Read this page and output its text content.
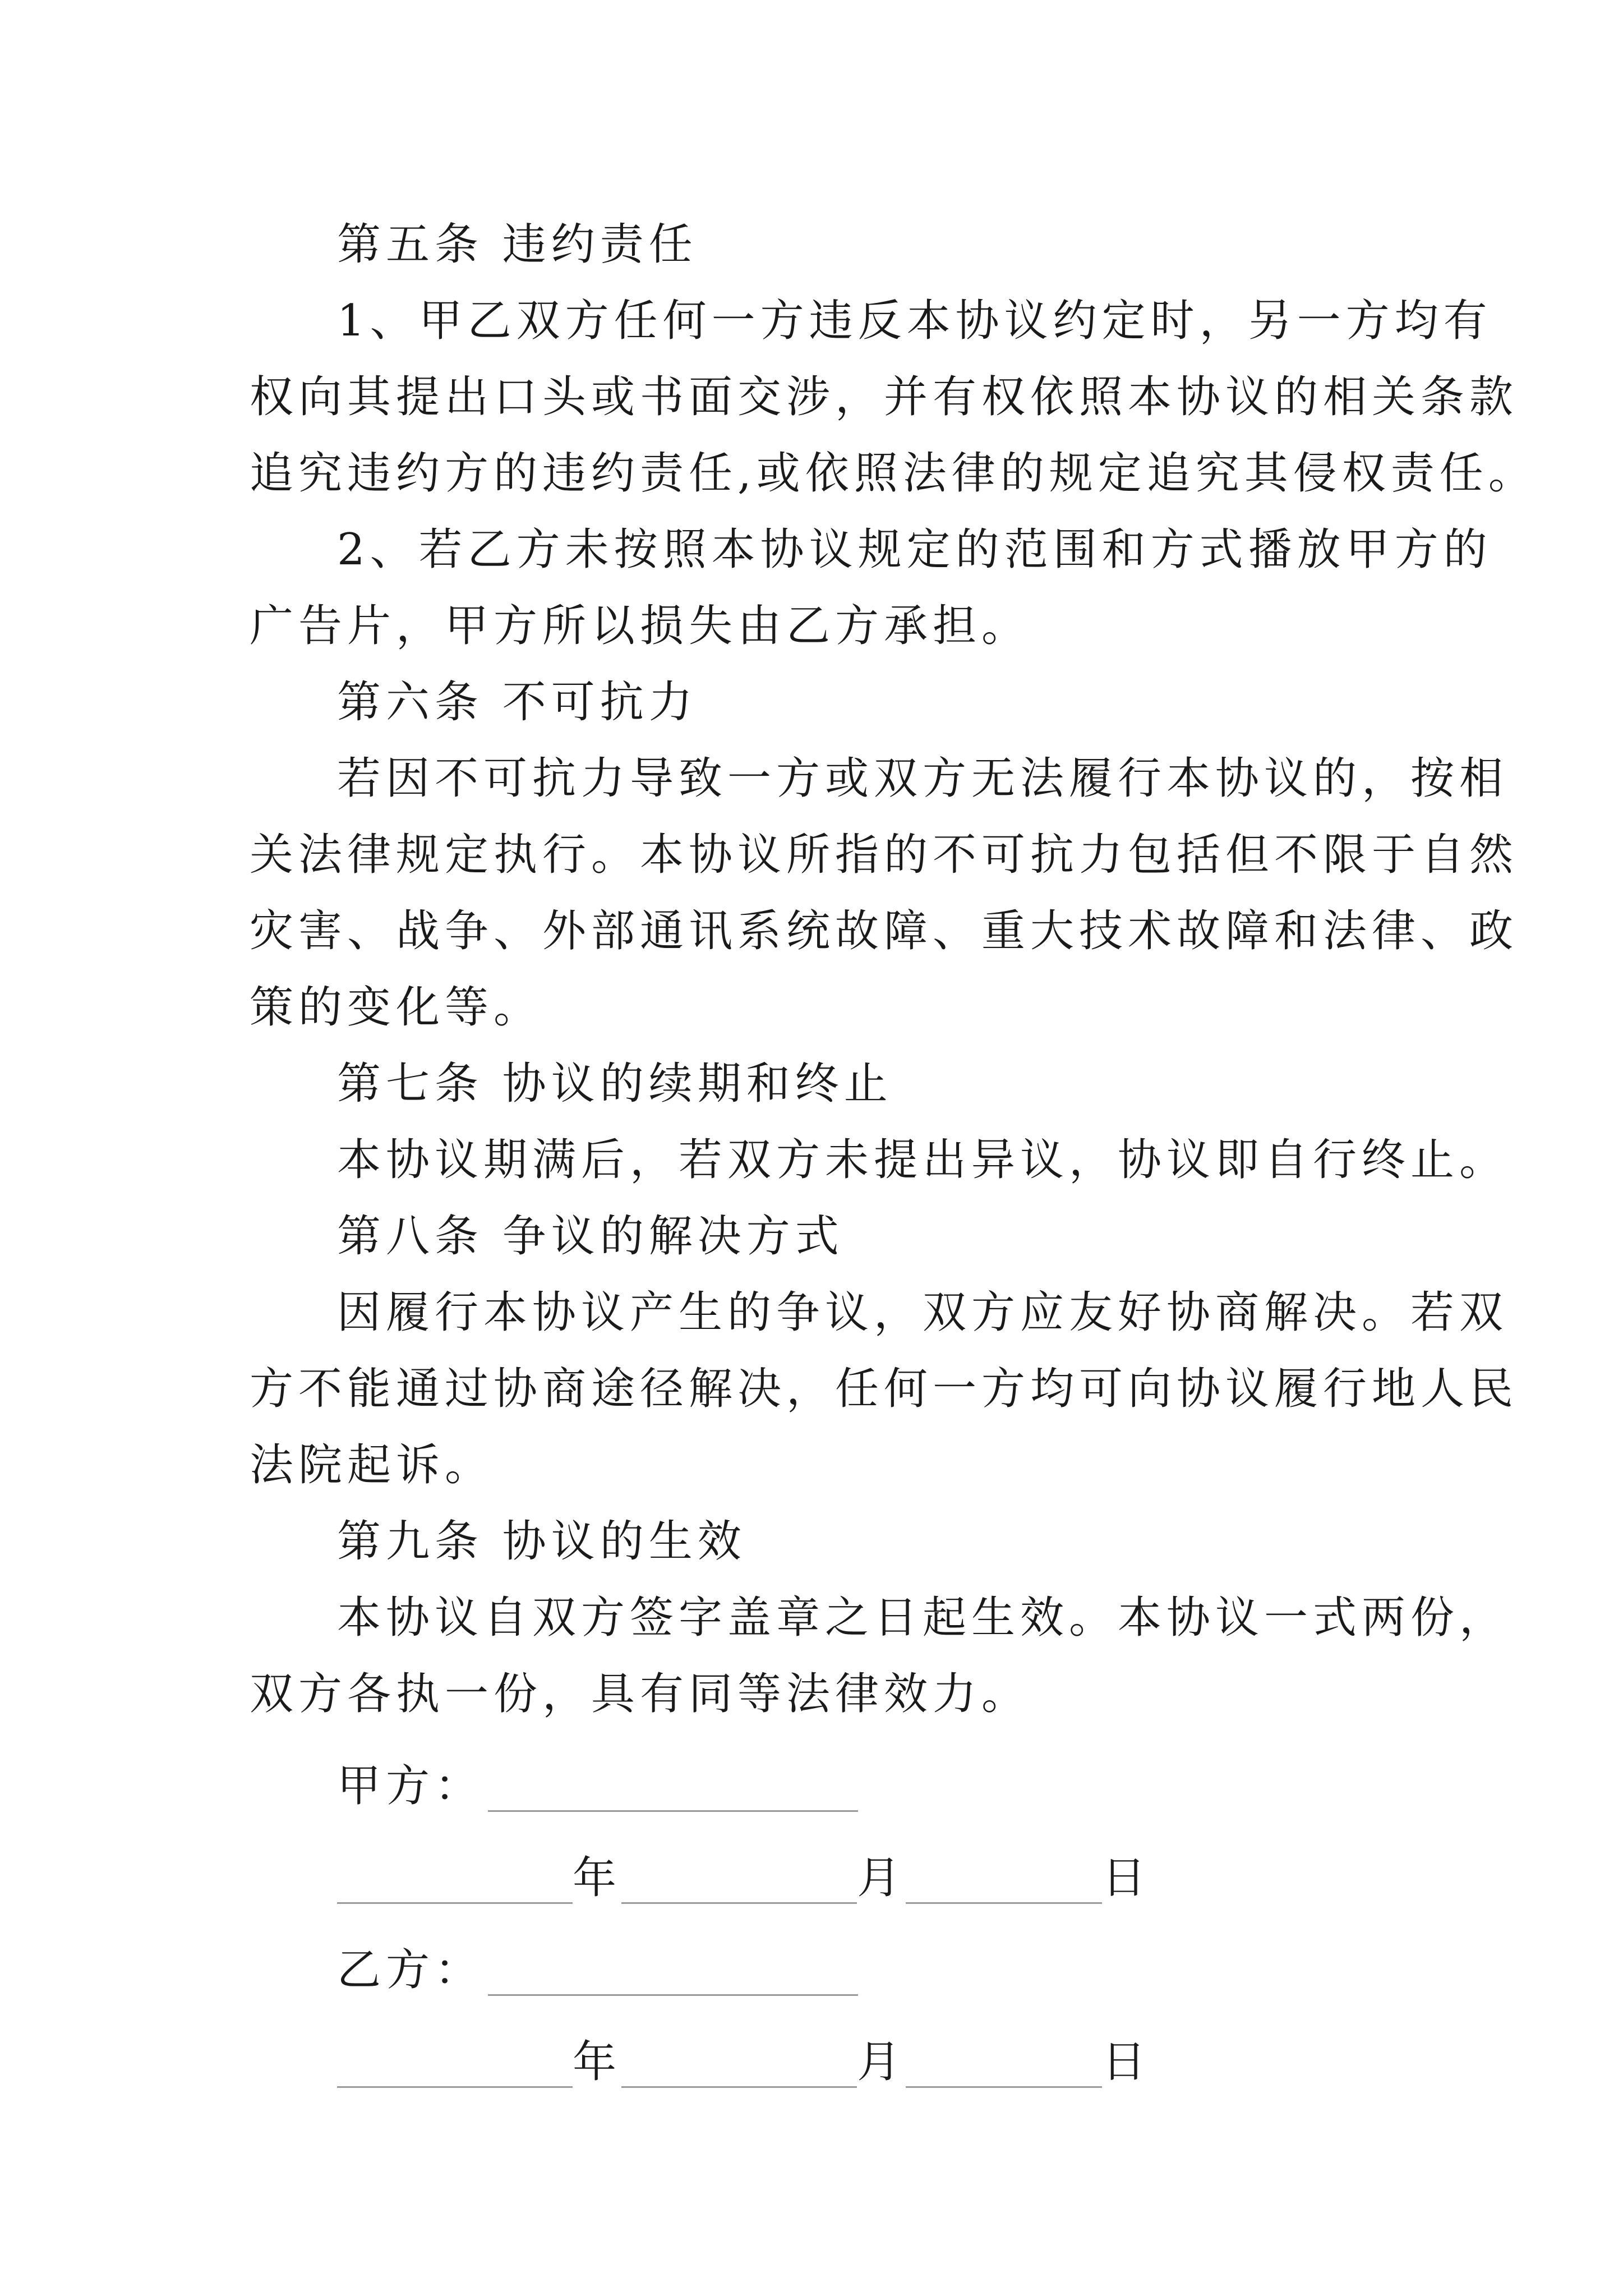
第五条 违约责任
1、甲乙双方任何一方违反本协议约定时，另一方均有
权向其提出口头或书面交涉，并有权依照本协议的相关条款
追究违约方的违约责任,或依照法律的规定追究其侵权责任。
2、若乙方未按照本协议规定的范围和方式播放甲方的
广告片，甲方所以损失由乙方承担。
第六条 不可抗力
若因不可抗力导致一方或双方无法履行本协议的，按相
关法律规定执行。本协议所指的不可抗力包括但不限于自然
灾害、战争、外部通讯系统故障、重大技术故障和法律、政
策的变化等。
第七条 协议的续期和终止
本协议期满后，若双方未提出异议，协议即自行终止。
第八条 争议的解决方式
因履行本协议产生的争议，双方应友好协商解决。若双
方不能通过协商途径解决，任何一方均可向协议履行地人民
法院起诉。
第九条 协议的生效
本协议自双方签字盖章之日起生效。本协议一式两份，
双方各执一份，具有同等法律效力。
甲方：
年	月	日
乙方：
年	月	日
